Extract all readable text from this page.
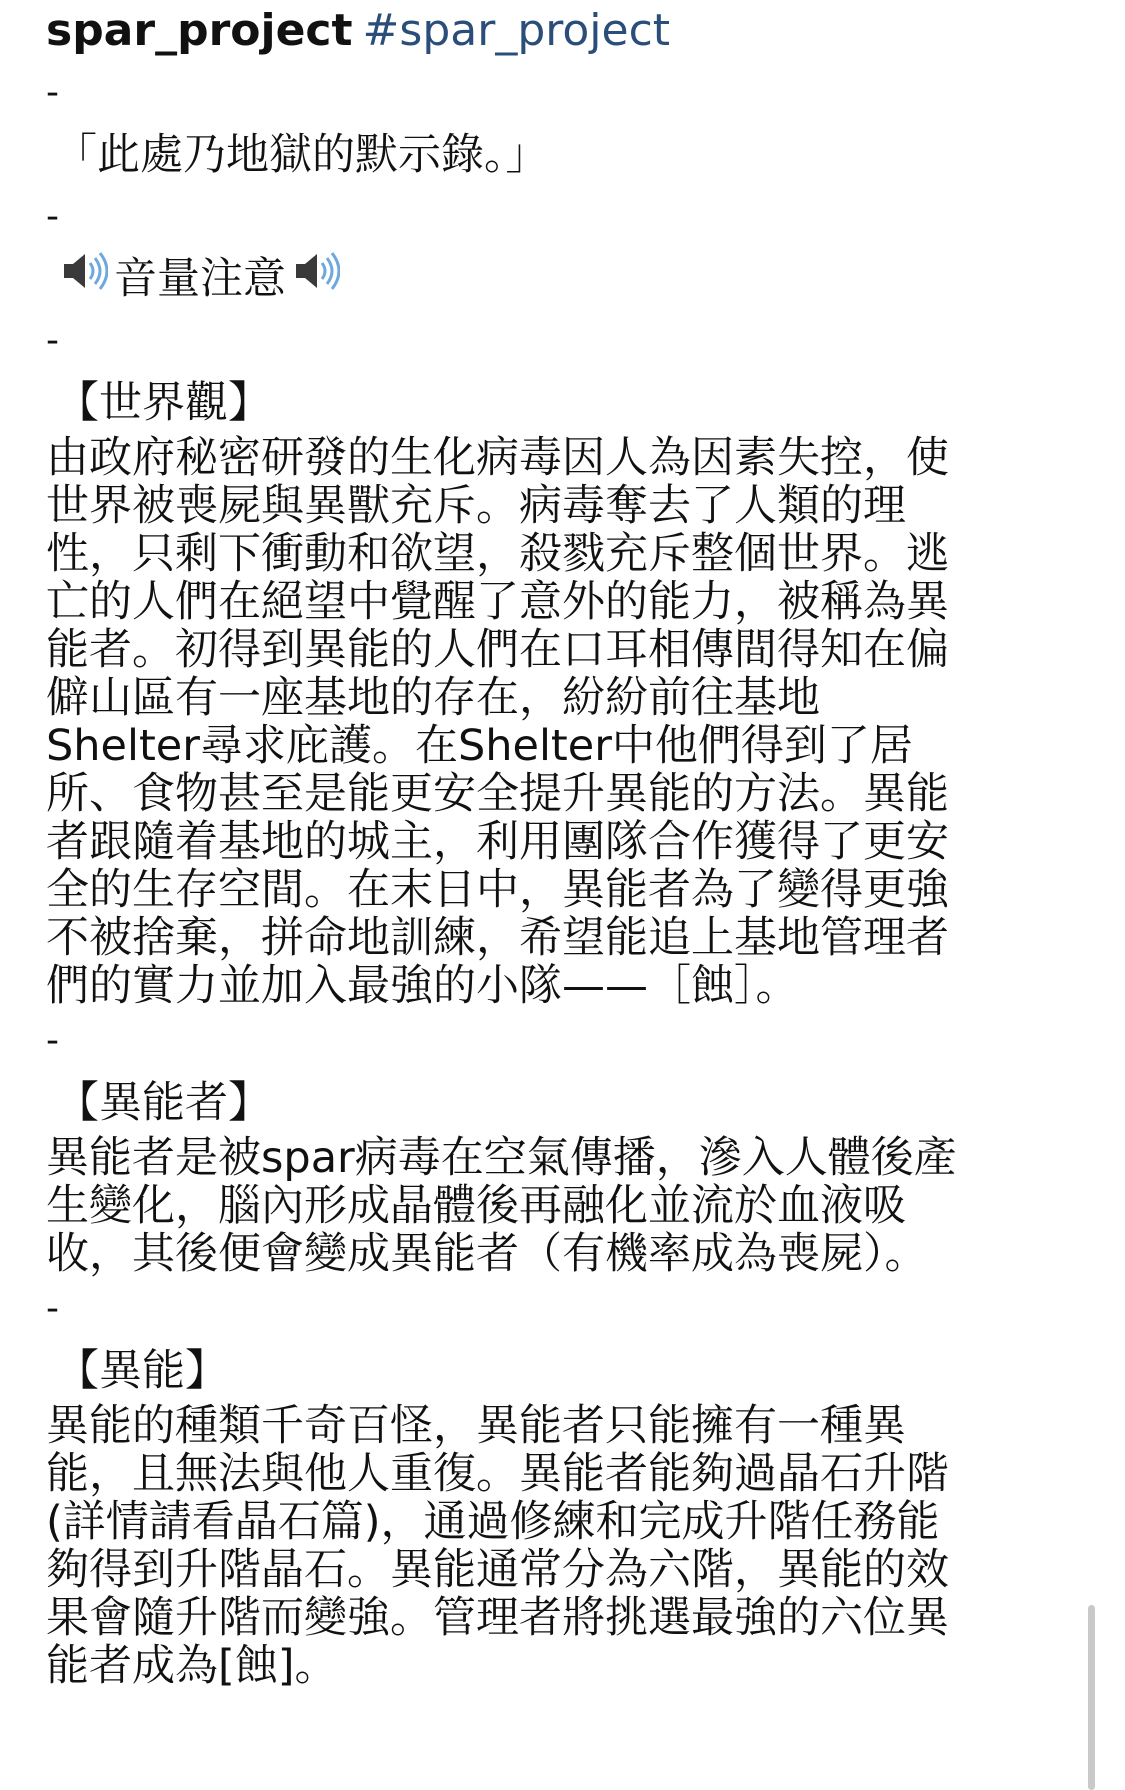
spar_project #spar_project
-
「此處乃地獄的默示錄。」
-
音量注意
-
【世界觀】
由政府秘密研發的生化病毒因人為因素失控，使
世界被喪屍與異獸充斥。病毒奪去了人類的理
性，只剩下衝動和欲望，殺戮充斥整個世界。逃
亡的人們在絕望中覺醒了意外的能力，被稱為異
能者。初得到異能的人們在口耳相傳間得知在偏
僻山區有一座基地的存在，紛紛前往基地
Shelter尋求庇護。在Shelter中他們得到了居
所、食物甚至是能更安全提升異能的方法。異能
者跟隨着基地的城主，利用團隊合作獲得了更安
全的生存空間。在末日中，異能者為了變得更強
不被捨棄，拼命地訓練，希望能追上基地管理者
們的實力並加入最強的小隊——［蝕］。
-
【異能者】
異能者是被spar病毒在空氣傳播，滲入人體後產
生變化，腦內形成晶體後再融化並流於血液吸
收，其後便會變成異能者（有機率成為喪屍）。
-
【異能】
異能的種類千奇百怪，異能者只能擁有一種異
能，且無法與他人重復。異能者能夠過晶石升階
(詳情請看晶石篇)，通過修練和完成升階任務能
夠得到升階晶石。異能通常分為六階，異能的效
果會隨升階而變強。管理者將挑選最強的六位異
能者成為[蝕]。
